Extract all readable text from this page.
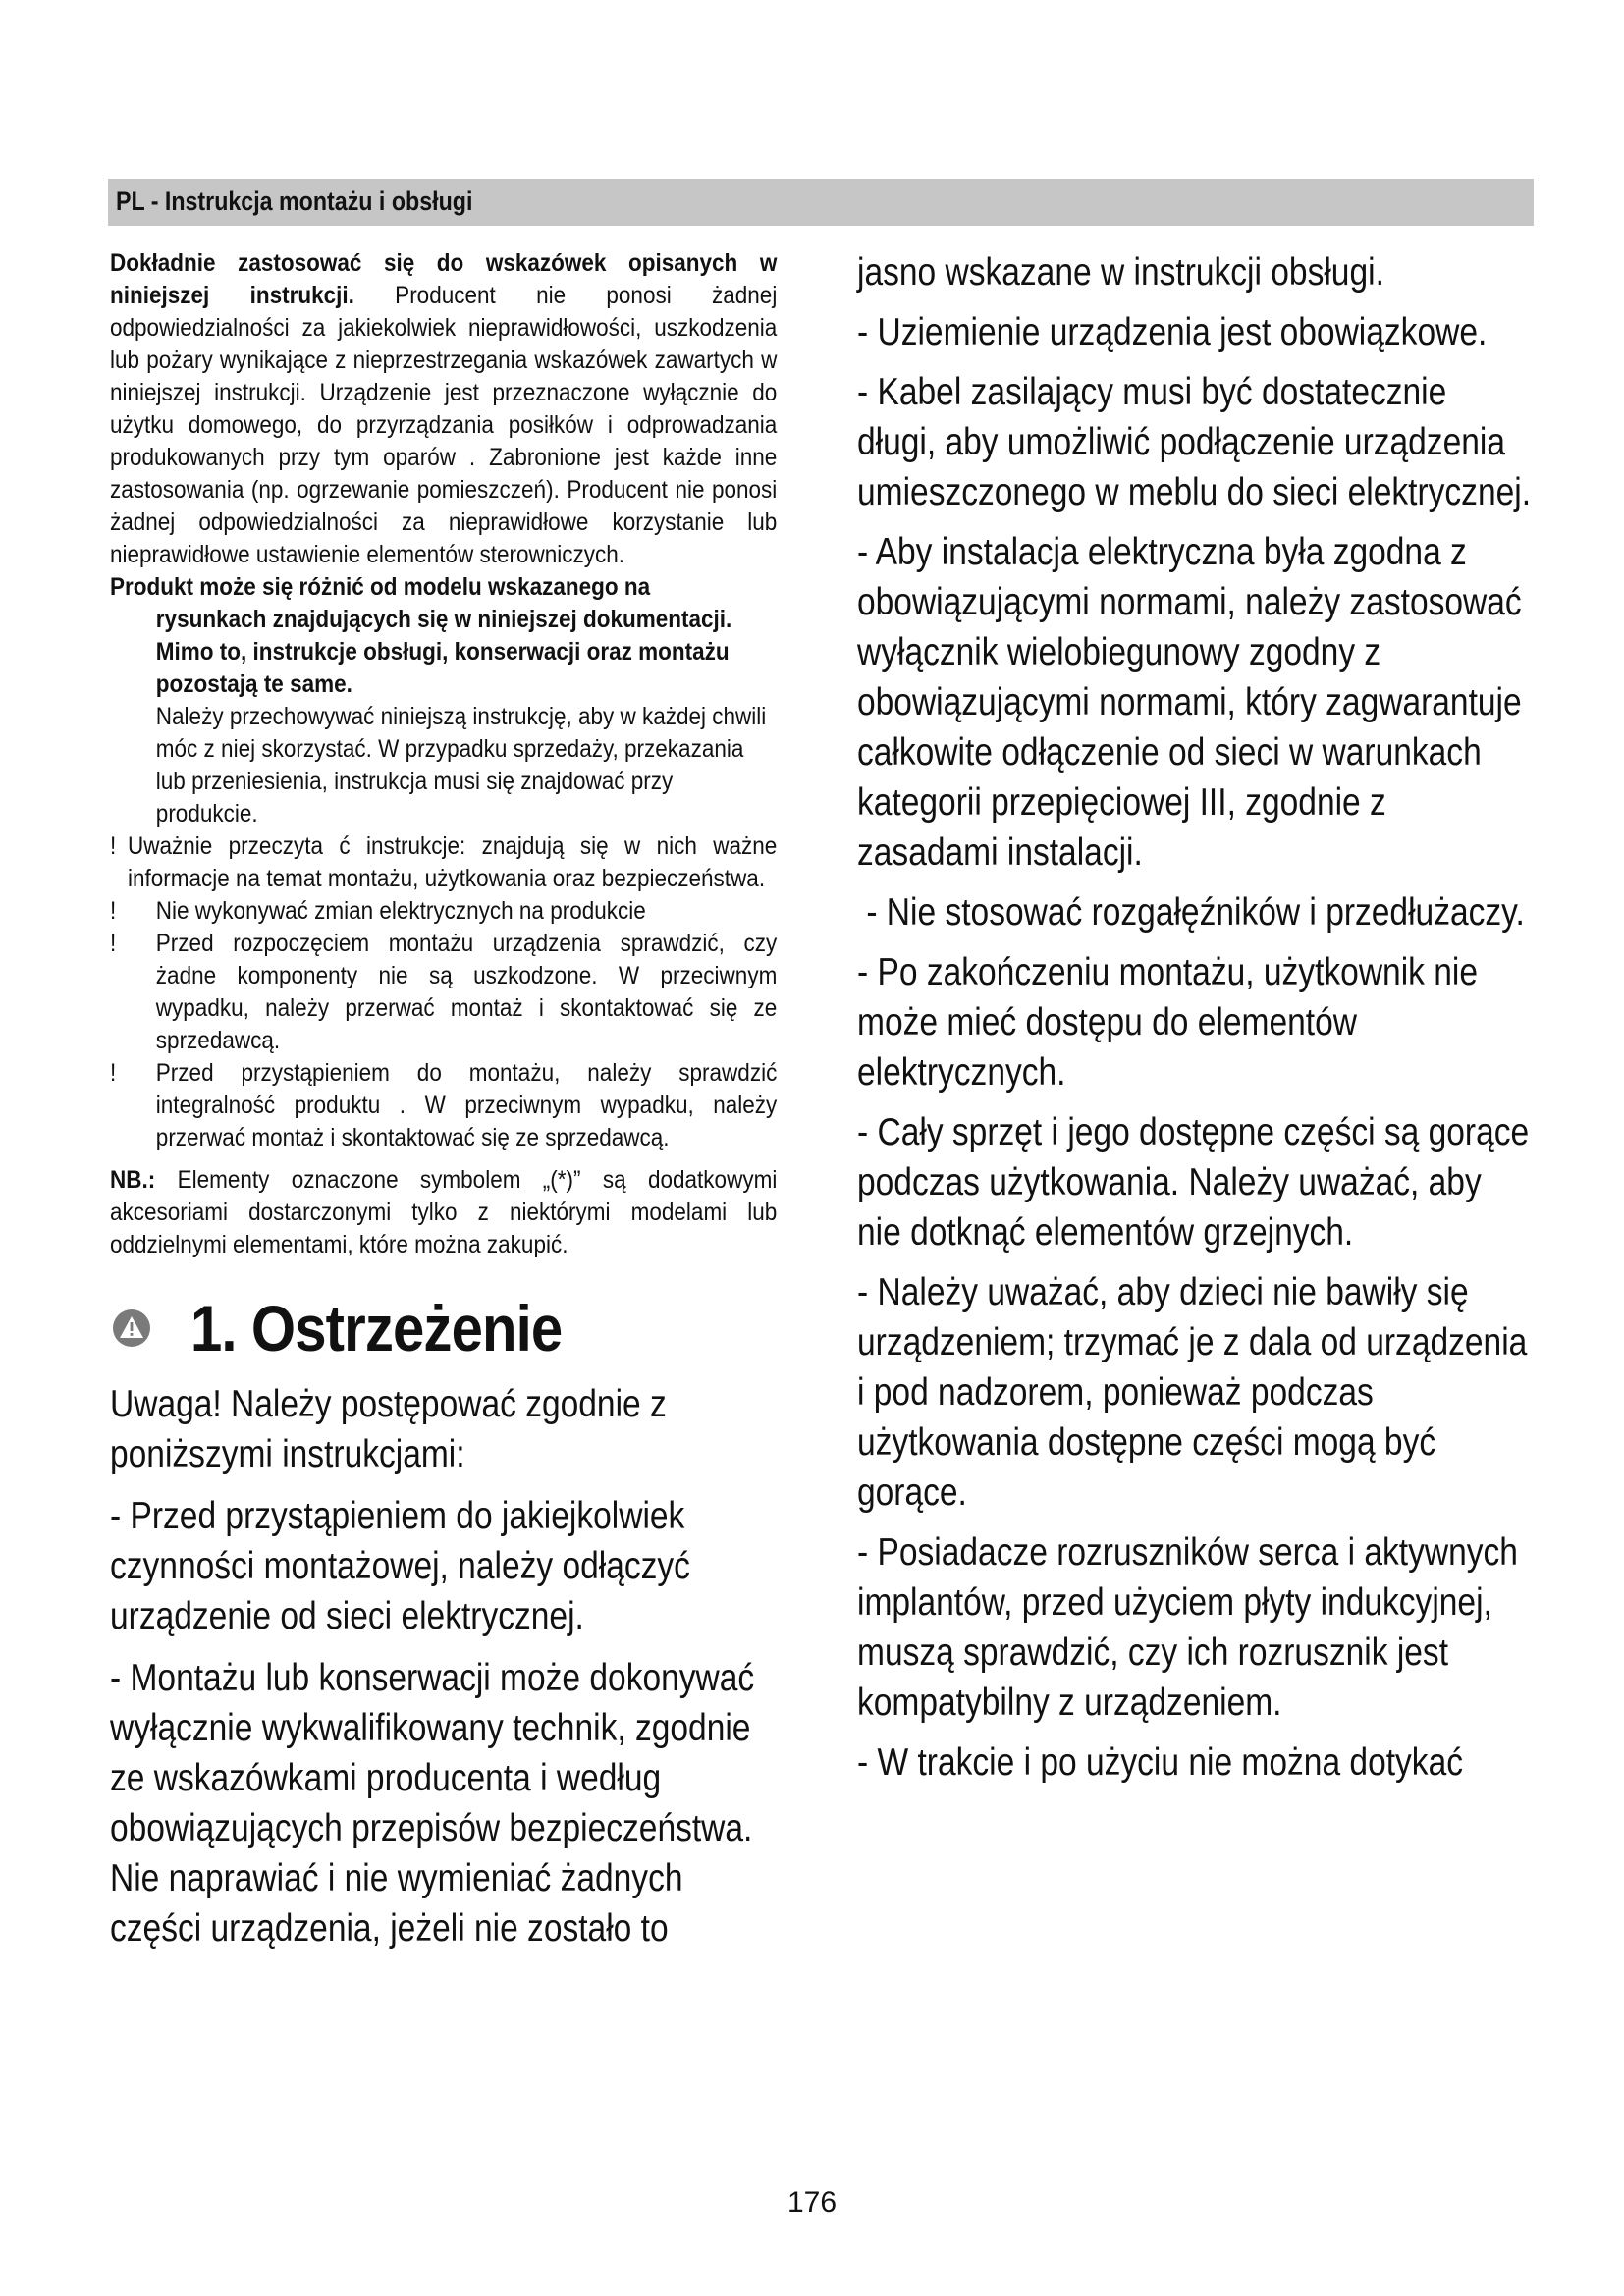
PL - Instrukcja montażu i obsługi

Dokładnie zastosować się do wskazówek opisanych w niniejszej instrukcji. Producent nie ponosi żadnej odpowiedzialności za jakiekolwiek nieprawidłowości, uszkodzenia lub pożary wynikające z nieprzestrzegania wskazówek zawartych w niniejszej instrukcji. Urządzenie jest przeznaczone wyłącznie do użytku domowego, do przyrządzania posiłków i odprowadzania produkowanych przy tym oparów . Zabronione jest każde inne zastosowania (np. ogrzewanie pomieszczeń). Producent nie ponosi żadnej odpowiedzialności za nieprawidłowe korzystanie lub nieprawidłowe ustawienie elementów sterowniczych.

Produkt może się różnić od modelu wskazanego na

rysunkach znajdujących się w niniejszej dokumentacji. Mimo to, instrukcje obsługi, konserwacji oraz montażu pozostają te same.

Należy przechowywać niniejszą instrukcję, aby w każdej chwili móc z niej skorzystać. W przypadku sprzedaży, przekazania lub przeniesienia, instrukcja musi się znajdować przy produkcie.

! Uważnie przeczyta ć instrukcje: znajdują się w nich ważne informacje na temat montażu, użytkowania oraz bezpieczeństwa.

!	Nie wykonywać zmian elektrycznych na produkcie

!	Przed rozpoczęciem montażu urządzenia sprawdzić, czy żadne komponenty nie są uszkodzone. W przeciwnym wypadku, należy przerwać montaż i skontaktować się ze sprzedawcą.

!	Przed przystąpieniem do montażu, należy sprawdzić integralność produktu . W przeciwnym wypadku, należy przerwać montaż i skontaktować się ze sprzedawcą.

NB.: Elementy oznaczone symbolem „(*)” są dodatkowymi akcesoriami dostarczonymi tylko z niektórymi modelami lub oddzielnymi elementami, które można zakupić.

1. Ostrzeżenie

Uwaga! Należy postępować zgodnie z poniższymi instrukcjami:

- Przed przystąpieniem do jakiejkolwiek czynności montażowej, należy odłączyć urządzenie od sieci elektrycznej.

- Montażu lub konserwacji może dokonywać wyłącznie wykwalifikowany technik, zgodnie ze wskazówkami producenta i według obowiązujących przepisów bezpieczeństwa. Nie naprawiać i nie wymieniać żadnych części urządzenia, jeżeli nie zostało to

jasno wskazane w instrukcji obsługi.

- Uziemienie urządzenia jest obowiązkowe.

- Kabel zasilający musi być dostatecznie długi, aby umożliwić podłączenie urządzenia umieszczonego w meblu do sieci elektrycznej.

- Aby instalacja elektryczna była zgodna z obowiązującymi normami, należy zastosować wyłącznik wielobiegunowy zgodny z obowiązującymi normami, który zagwarantuje całkowite odłączenie od sieci w warunkach kategorii przepięciowej III, zgodnie z zasadami instalacji.

- Nie stosować rozgałęźników i przedłużaczy.

- Po zakończeniu montażu, użytkownik nie może mieć dostępu do elementów elektrycznych.

- Cały sprzęt i jego dostępne części są gorące podczas użytkowania. Należy uważać, aby nie dotknąć elementów grzejnych.

- Należy uważać, aby dzieci nie bawiły się urządzeniem; trzymać je z dala od urządzenia i pod nadzorem, ponieważ podczas użytkowania dostępne części mogą być gorące.

- Posiadacze rozruszników serca i aktywnych implantów, przed użyciem płyty indukcyjnej, muszą sprawdzić, czy ich rozrusznik jest kompatybilny z urządzeniem.

- W trakcie i po użyciu nie można dotykać

176
